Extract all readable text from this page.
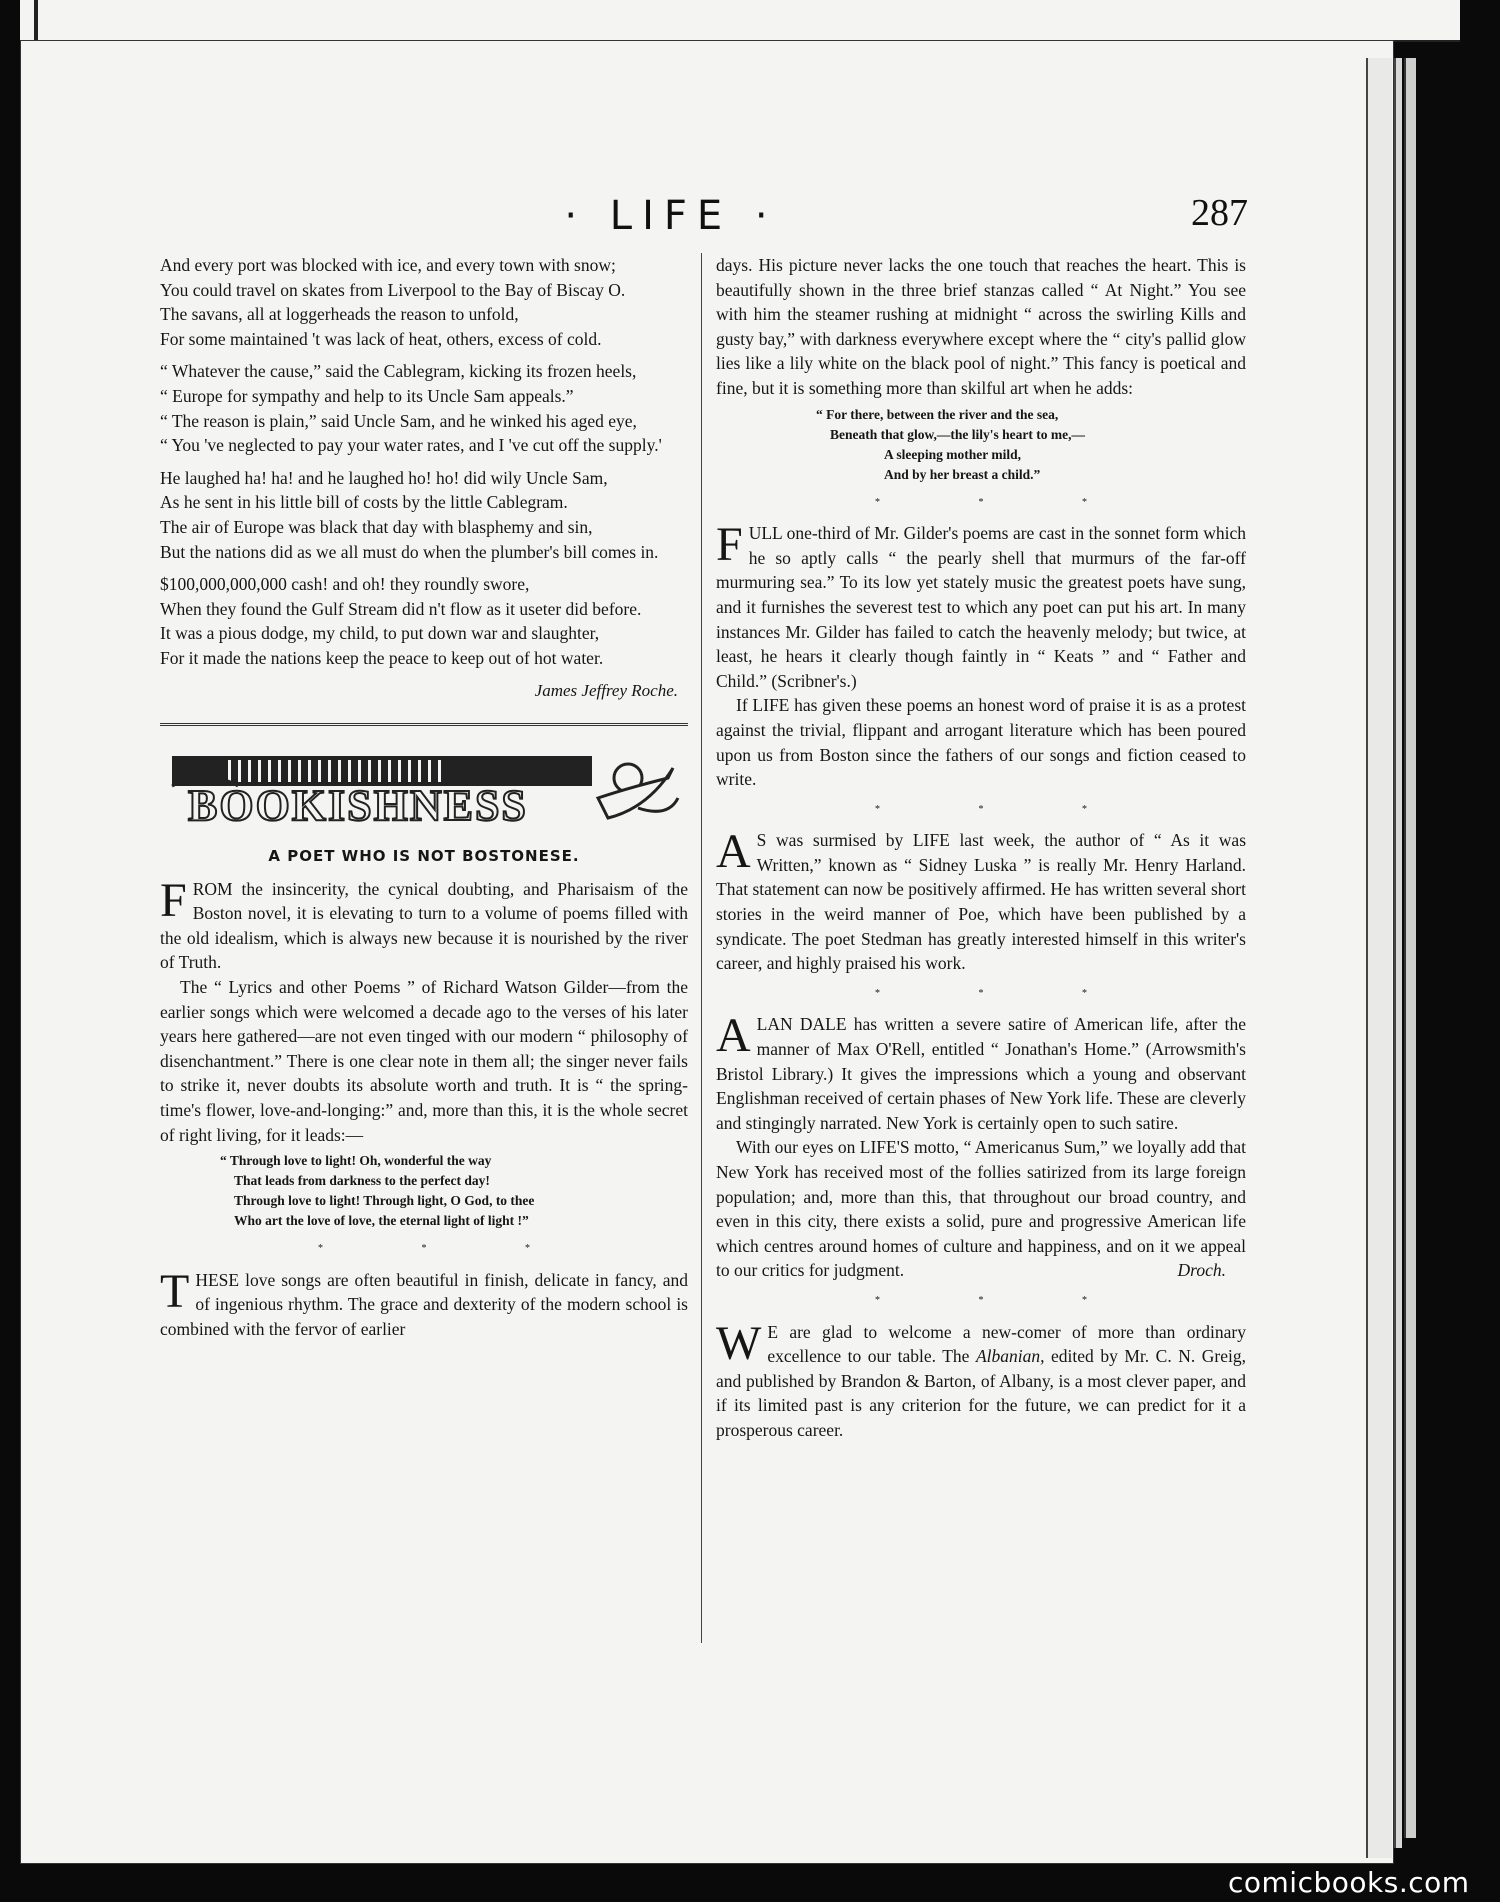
· LIFE ·	287

And every port was blocked with ice, and every town with snow;

You could travel on skates from Liverpool to the Bay of Biscay O.

The savans, all at loggerheads the reason to unfold,

For some maintained 't was lack of heat, others, excess of cold.

“ Whatever the cause,” said the Cablegram, kicking its frozen heels,

“ Europe for sympathy and help to its Uncle Sam appeals.”

“ The reason is plain,” said Uncle Sam, and he winked his aged eye,

“ You 've neglected to pay your water rates, and I 've cut off the supply.'

He laughed ha! ha! and he laughed ho! ho! did wily Uncle Sam,

As he sent in his little bill of costs by the little Cablegram.

The air of Europe was black that day with blasphemy and sin,

But the nations did as we all must do when the plumber's bill comes in.

$100,000,000,000 cash! and oh! they roundly swore,

When they found the Gulf Stream did n't flow as it useter did before.

It was a pious dodge, my child, to put down war and slaughter,

For it made the nations keep the peace to keep out of hot water.

James Jeffrey Roche.
BOOKISHNESS
A POET WHO IS NOT BOSTONESE.

FROM the insincerity, the cynical doubting, and Pharisaism of the Boston novel, it is elevating to turn to a volume of poems filled with the old idealism, which is always new because it is nourished by the river of Truth.

The “ Lyrics and other Poems ” of Richard Watson Gilder—from the earlier songs which were welcomed a decade ago to the verses of his later years here gathered—are not even tinged with our modern “ philosophy of disenchantment.” There is one clear note in them all; the singer never fails to strike it, never doubts its absolute worth and truth. It is “ the spring-time's flower, love-and-longing:” and, more than this, it is the whole secret of right living, for it leads:—

“ Through love to light! Oh, wonderful the way
That leads from darkness to the perfect day!
Through love to light! Through light, O God, to thee
Who art the love of love, the eternal light of light !”
* * *

THESE love songs are often beautiful in finish, delicate in fancy, and of ingenious rhythm. The grace and dexterity of the modern school is combined with the fervor of earlier

days. His picture never lacks the one touch that reaches the heart. This is beautifully shown in the three brief stanzas called “ At Night.” You see with him the steamer rushing at midnight “ across the swirling Kills and gusty bay,” with darkness everywhere except where the “ city's pallid glow lies like a lily white on the black pool of night.” This fancy is poetical and fine, but it is something more than skilful art when he adds:

“ For there, between the river and the sea,
Beneath that glow,—the lily's heart to me,—
A sleeping mother mild,
And by her breast a child.”
* * *

FULL one-third of Mr. Gilder's poems are cast in the sonnet form which he so aptly calls “ the pearly shell that murmurs of the far-off murmuring sea.” To its low yet stately music the greatest poets have sung, and it furnishes the severest test to which any poet can put his art. In many instances Mr. Gilder has failed to catch the heavenly melody; but twice, at least, he hears it clearly though faintly in “ Keats ” and “ Father and Child.” (Scribner's.)

If LIFE has given these poems an honest word of praise it is as a protest against the trivial, flippant and arrogant literature which has been poured upon us from Boston since the fathers of our songs and fiction ceased to write.

* * *

A S was surmised by LIFE last week, the author of “ As it was Written,” known as “ Sidney Luska ” is really Mr. Henry Harland. That statement can now be positively affirmed. He has written several short stories in the weird manner of Poe, which have been published by a syndicate. The poet Stedman has greatly interested himself in this writer's career, and highly praised his work.

* * *

ALAN DALE has written a severe satire of American life, after the manner of Max O'Rell, entitled “ Jonathan's Home.” (Arrowsmith's Bristol Library.) It gives the impressions which a young and observant Englishman received of certain phases of New York life. These are cleverly and stingingly narrated. New York is certainly open to such satire.

With our eyes on LIFE'S motto, “ Americanus Sum,” we loyally add that New York has received most of the follies satirized from its large foreign population; and, more than this, that throughout our broad country, and even in this city, there exists a solid, pure and progressive American life which centres around homes of culture and happiness, and on it we appeal to our critics for judgment.	Droch.

* * *

W E are glad to welcome a new-comer of more than ordinary excellence to our table. The Albanian, edited by Mr. C. N. Greig, and published by Brandon & Barton, of Albany, is a most clever paper, and if its limited past is any criterion for the future, we can predict for it a prosperous career.

comicbooks.com
